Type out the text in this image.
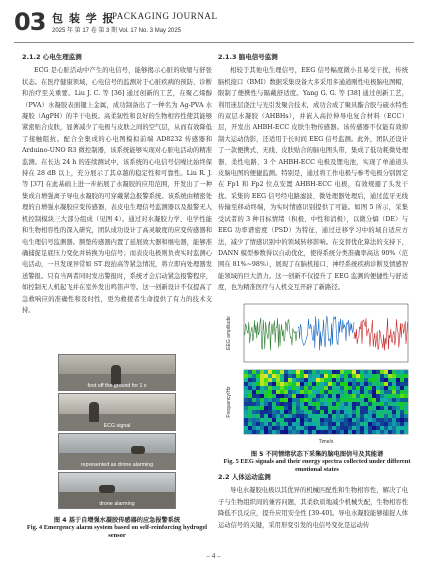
03 包 装 学 报
PACKAGING JOURNAL
2025 年 第 17 卷 第 3 期 Vol. 17 No. 3 May 2025
2.1.2 心电生理监测

ECG 是心脏活动中产生的电信号，能够揭示心脏的收缩与舒张状态。在医疗健康领域，心电信号的监测对于心脏疾病的预防、诊断和治疗至关重要。Liu J. C. 等 [36] 通过创新的工艺，在聚乙烯醇（PVA）水凝胶表面键上金属，成功制备出了一种名为 Ag-PVA 水凝胶（AgPH）的半干电极。高柔韧性和良好的生物相容性使其能够紧密贴合皮肤，显著减少了电极与皮肤之间的空气层，从而有效降低了接触阻抗。配合全集成的心电图模拟前端 AD8232 传感器和 Arduino-UNO R3 微控制器，该系统能够实现对心脏电活动的精准监测。在长达 24 h 的连续测试中，该系统的心电信号信噪比始终保持在 28 dB 以上，充分展示了其卓越的稳定性和可靠性。Liu R. J. 等 [37] 在此基础上进一步拓展了水凝胶的应用范围，开发出了一种集成自增强离子导电水凝胶的可穿戴紧急报警系统。该系统由精密处理的自增强水凝胶应变传感器、表皮电生理信号监测器以及报警无人机控制模块三大部分组成（见图 4）。通过对水凝胶力学、电学性能和生物相容性的深入研究，团队成功设计了高灵敏度的应变传感器和电生理信号监测器。额垫传感器内置了延展致大器和继电器，能够准确捕捉足底压力变化并转换为电信号；而表皮电极则负责实时监测心电活动，一旦发现异常如 ST 段抬高等紧急情况，将立即向处理器发送警报。只有当两者同时发出警报时，系统才会启动紧急报警程序，如控制无人机起飞并在室外发出鸣笛声等。这一创新设计不仅提高了急救响应的准确性和及时性，更为救援者生命提供了有力的技术支持。

foot off the ground for 1 s
ECG signal
represented as drone alarming
drone alarming
图 4 基于自增强水凝胶传感器的应急报警系统
Fig. 4 Emergency alarm system based on self-reinforcing hydrogel sensor
2.1.3 脑电信号监测

相较于其他电生理信号，EEG 信号幅度微小且易受干扰，传统脑机接口（BMI）数据采集设备大多采用多通道刚性电极脑电图帽，限制了便携性与隔戴舒适度。Yang G. G. 等 [38] 通过创新工艺，利用迷层浇注与光引发聚合技术，成功合成了聚具酯合胶与硫水特性的双层水凝胶（AHBHs），并嵌入高拉伸导电复合材料（ECC）层，开发出 AHBH-ECC 皮肤生物传感器。该传感器不仅能有效抑制大运动伪影，还适用于长时间 EEG 信号监测。此外，团队还设计了一款便携式、无线、皮肤贴合的脑电图头带，集成了低功耗微处理器、柔性电路、3 个 AHBH-ECC 电极及锂电池，实现了单通道头皮脑电图的便捷监测。特别是，通过将工作电极与参考电极分别固定在 Fp1 和 Fp2 位点安置 AHBH-ECC 电极，有效规避了头发干扰。采集的 EEG 信号经电路滤波、微处理器处理后，通过蓝牙无线传输至移动终端，为实时情感识别提供了可能。如图 5 所示，采集受试者的 3 种目标情绪（积极、中性和消极），以微分熵（DE）与 EEG 功率谱密度（PSD）为特征，通过迁移学习中的域自适应方法，减少了情感识别中的领域转移影响。在交替优化算法的支持下，DANN 模型参数得以自动优化，使得系统分类准确率高达 90%（范围在 81%~98%），展现了在脑机接口、神经系统疾病诊断及情感智能领域的巨大潜力。这一创新不仅提升了 EEG 监测的便捷性与舒适度，也为精准医疗与人机交互开辟了新路径。

EEG amplitude
Frequency/Hz
Time/s
图 5 不同情绪状态下采集的脑电图信号及其能谱
Fig. 5 EEG signals and their energy spectra collected under different emotional states
2.2 人体运动监测

导电水凝胶电极以其优异的机械匹配性和生物相容性，解决了电子与生物组织间的兼容问题，其柔软质地减少机械失配，生物相容性降低不良反应，提升应用安全性 [39-40]。导电水凝胶能够捕捉人体运动信号的关键，采用形变引发的电信号变化是运动传

– 4 –
